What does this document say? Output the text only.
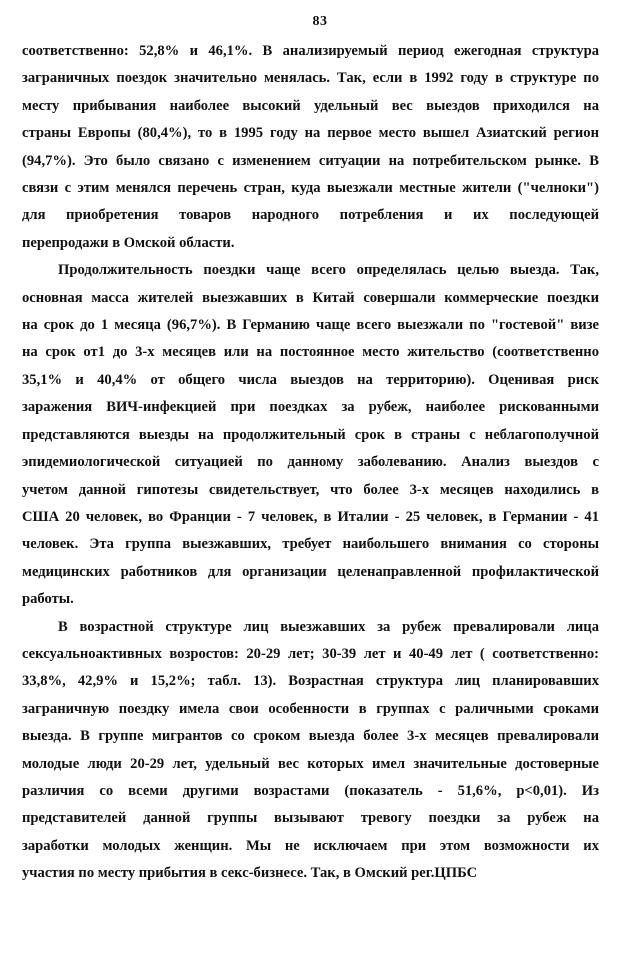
83

соответственно: 52,8% и 46,1%. В анализируемый период ежегодная структура
заграничных поездок значительно менялась. Так, если в 1992 году в структуре по
месту прибывания наиболее высокий удельный вес выездов приходился на
страны Европы (80,4%), то в 1995 году на первое место вышел Азиатский регион
(94,7%). Это было связано с изменением ситуации на потребительском рынке. В
связи с этим менялся перечень стран, куда выезжали местные жители ("челноки")
для приобретения товаров народного потребления и их последующей
перепродажи в Омской области.

Продолжительность поездки чаще всего определялась целью выезда. Так,
основная масса жителей выезжавших в Китай совершали коммерческие поездки
на срок до 1 месяца (96,7%). В Германию чаще всего выезжали по "гостевой" визе
на срок от1 до 3-х месяцев или на постоянное место жительство (соответственно
35,1% и 40,4% от общего числа выездов на территорию). Оценивая риск
заражения ВИЧ-инфекцией при поездках за рубеж, наиболее рискованными
представляются выезды на продолжительный срок в страны с неблагополучной
эпидемиологической ситуацией по данному заболеванию. Анализ выездов с
учетом данной гипотезы свидетельствует, что более 3-х месяцев находились в
США 20 человек, во Франции - 7 человек, в Италии - 25 человек, в Германии - 41
человек. Эта группа выезжавших, требует наибольшего внимания со стороны
медицинских работников для организации целенаправленной профилактической
работы.

В возрастной структуре лиц выезжавших за рубеж превалировали лица
сексуальноактивных возростов: 20-29 лет; 30-39 лет и 40-49 лет ( соответственно:
33,8%, 42,9% и 15,2%; табл. 13). Возрастная структура лиц планировавших
заграничную поездку имела свои особенности в группах с раличными сроками
выезда. В группе мигрантов со сроком выезда более 3-х месяцев превалировали
молодые люди 20-29 лет, удельный вес которых имел значительные достоверные
различия со всеми другими возрастами (показатель - 51,6%, р<0,01). Из
представителей данной группы вызывают тревогу поездки за рубеж на
заработки молодых женщин. Мы не исключаем при этом возможности их
участия по месту прибытия в секс-бизнесе. Так, в Омский рег.ЦПБС
